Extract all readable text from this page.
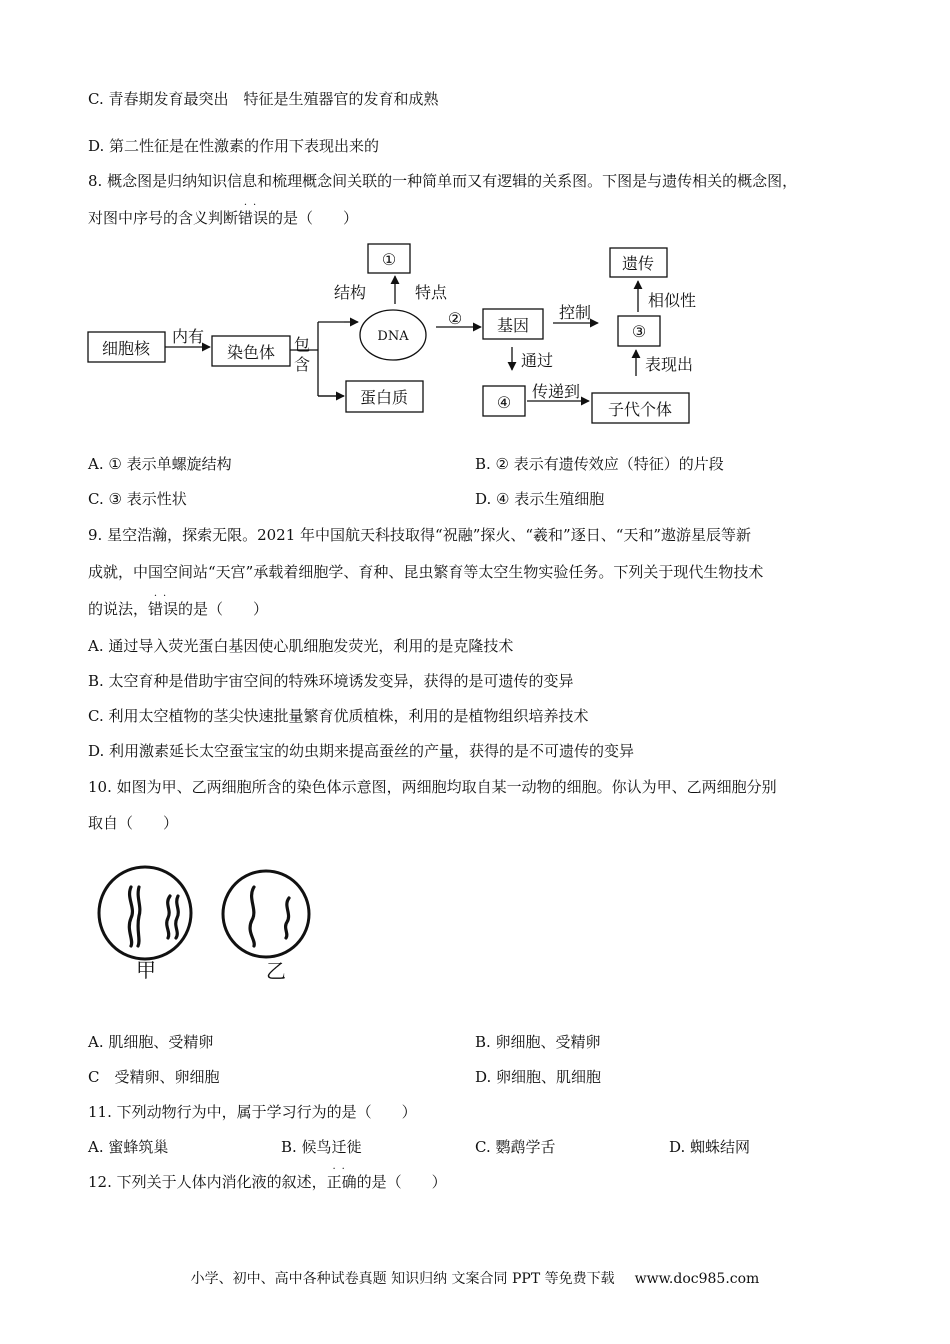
C. 青春期发育最突出　特征是生殖器官的发育和成熟
D. 第二性征是在性激素的作用下表现出来的
8. 概念图是归纳知识信息和梳理概念间关联的一种简单而又有逻辑的关系图。下图是与遗传相关的概念图，
对图中序号的含义判断
..
错误的是（　　）
细胞核
内有
染色体 包
含
DNA
结构	特点
①
② 基因
控制
③
遗传
相似性
表现出
通过
④
传递到
子代个体
蛋白质
A. ① 表示单螺旋结构	B. ② 表示有遗传效应（特征）的片段
C. ③ 表示性状	D. ④ 表示生殖细胞
9. 星空浩瀚，探索无限。2021 年中国航天科技取得“祝融”探火、“羲和”逐日、“天和”遨游星辰等新
成就，中国空间站“天宫”承载着细胞学、育种、昆虫繁育等太空生物实验任务。下列关于现代生物技术
的说法，
..
错误的是（　　）
A. 通过导入荧光蛋白基因使心肌细胞发荧光，利用的是克隆技术
B. 太空育种是借助宇宙空间的特殊环境诱发变异，获得的是可遗传的变异
C. 利用太空植物的茎尖快速批量繁育优质植株，利用的是植物组织培养技术
D. 利用激素延长太空蚕宝宝的幼虫期来提高蚕丝的产量，获得的是不可遗传的变异
10. 如图为甲、乙两细胞所含的染色体示意图，两细胞均取自某一动物的细胞。你认为甲、乙两细胞分别
取自（　　）
甲	乙
A. 肌细胞、受精卵	B. 卵细胞、受精卵
C　受精卵、卵细胞	D. 卵细胞、肌细胞
11. 下列动物行为中，属于学习行为的是（　　）
A. 蜜蜂筑巢	B. 候鸟迁徙	C. 鹦鹉学舌	D. 蜘蛛结网
12. 下列关于人体内消化液的叙述，
..
正确的是（　　）
小学、初中、高中各种试卷真题 知识归纳 文案合同 PPT 等免费下载 www.doc985.com
